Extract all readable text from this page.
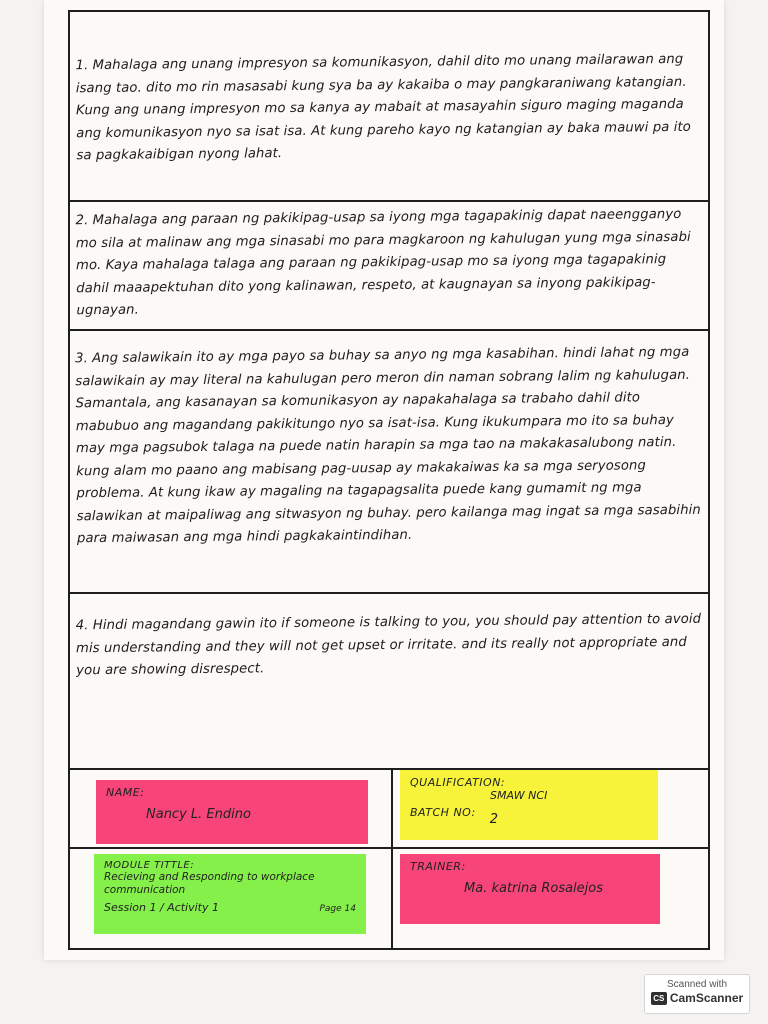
1. Mahalaga ang unang impresyon sa komunikasyon, dahil dito mo unang mailarawan ang isang tao. dito mo rin masasabi kung sya ba ay kakaiba o may pangkaraniwang katangian. Kung ang unang impresyon mo sa kanya ay mabait at masayahin siguro maging maganda ang komunikasyon nyo sa isat isa. At kung pareho kayo ng katangian ay baka mauwi pa ito sa pagkakaibigan nyong lahat.

2. Mahalaga ang paraan ng pakikipag-usap sa iyong mga tagapakinig dapat naeengganyo mo sila at malinaw ang mga sinasabi mo para magkaroon ng kahulugan yung mga sinasabi mo. Kaya mahalaga talaga ang paraan ng pakikipag-usap mo sa iyong mga tagapakinig dahil maaapektuhan dito yong kalinawan, respeto, at kaugnayan sa inyong pakikipag-ugnayan.

3. Ang salawikain ito ay mga payo sa buhay sa anyo ng mga kasabihan. hindi lahat ng mga salawikain ay may literal na kahulugan pero meron din naman sobrang lalim ng kahulugan. Samantala, ang kasanayan sa komunikasyon ay napakahalaga sa trabaho dahil dito mabubuo ang magandang pakikitungo nyo sa isat-isa. Kung ikukumpara mo ito sa buhay may mga pagsubok talaga na puede natin harapin sa mga tao na makakasalubong natin. kung alam mo paano ang mabisang pag-uusap ay makakaiwas ka sa mga seryosong problema. At kung ikaw ay magaling na tagapagsalita puede kang gumamit ng mga salawikan at maipaliwag ang sitwasyon ng buhay. pero kailanga mag ingat sa mga sasabihin para maiwasan ang mga hindi pagkakaintindihan.

4. Hindi magandang gawin ito if someone is talking to you, you should pay attention to avoid mis understanding and they will not get upset or irritate. and its really not appropriate and you are showing disrespect.

NAME:
Nancy L. Endino
QUALIFICATION:
SMAW NCI
BATCH NO: 2
MODULE TITTLE:
Recieving and Responding to workplace communication
Session 1 / Activity 1	Page 14
TRAINER:
Ma. katrina Rosalejos
Scanned with
CS CamScanner
